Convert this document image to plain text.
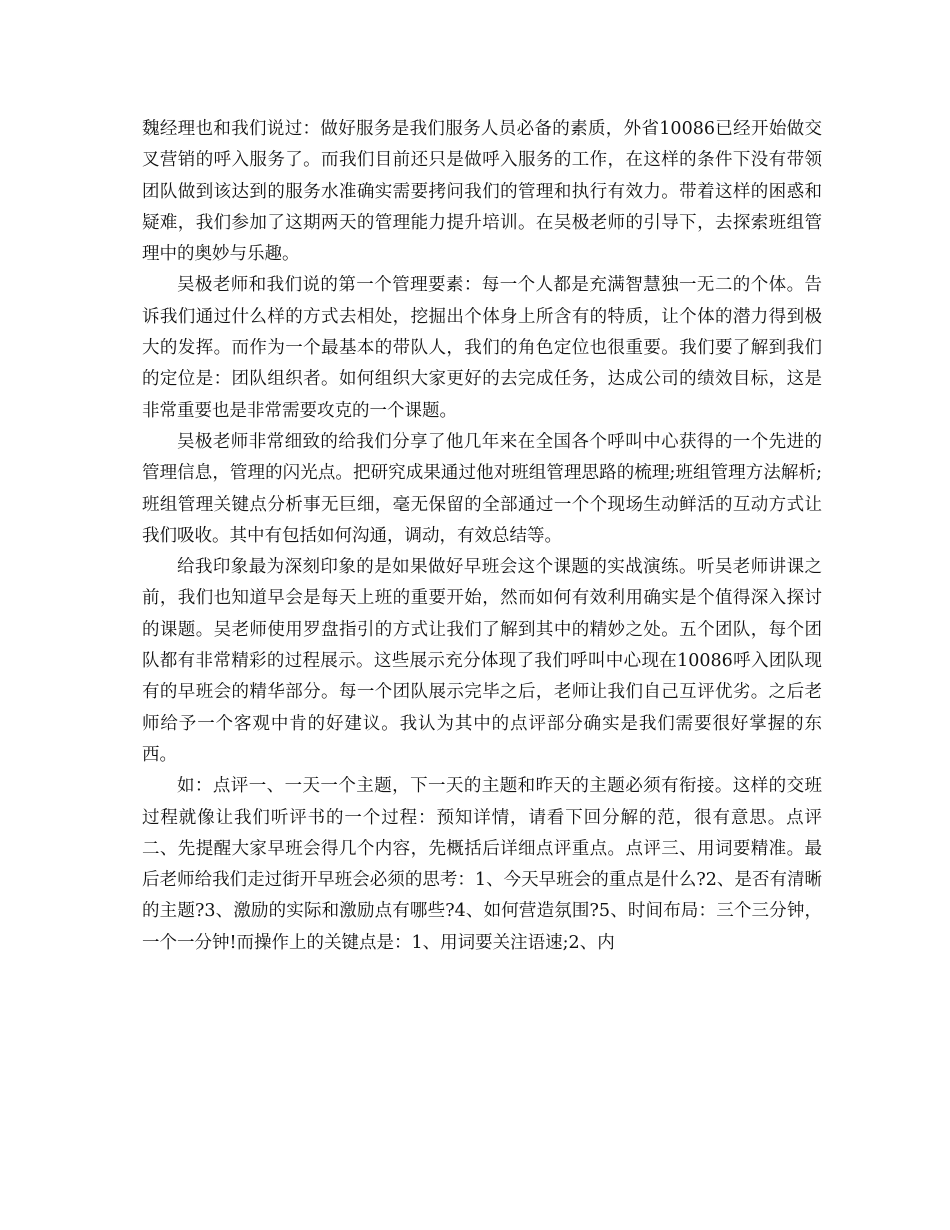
魏经理也和我们说过：做好服务是我们服务人员必备的素质，外省10086已经开始做交叉营销的呼入服务了。而我们目前还只是做呼入服务的工作，在这样的条件下没有带领团队做到该达到的服务水准确实需要拷问我们的管理和执行有效力。带着这样的困惑和疑难，我们参加了这期两天的管理能力提升培训。在吴极老师的引导下，去探索班组管理中的奥妙与乐趣。

吴极老师和我们说的第一个管理要素：每一个人都是充满智慧独一无二的个体。告诉我们通过什么样的方式去相处，挖掘出个体身上所含有的特质，让个体的潜力得到极大的发挥。而作为一个最基本的带队人，我们的角色定位也很重要。我们要了解到我们的定位是：团队组织者。如何组织大家更好的去完成任务，达成公司的绩效目标，这是非常重要也是非常需要攻克的一个课题。

吴极老师非常细致的给我们分享了他几年来在全国各个呼叫中心获得的一个先进的管理信息，管理的闪光点。把研究成果通过他对班组管理思路的梳理;班组管理方法解析;班组管理关键点分析事无巨细，毫无保留的全部通过一个个现场生动鲜活的互动方式让我们吸收。其中有包括如何沟通，调动，有效总结等。

给我印象最为深刻印象的是如果做好早班会这个课题的实战演练。听吴老师讲课之前，我们也知道早会是每天上班的重要开始，然而如何有效利用确实是个值得深入探讨的课题。吴老师使用罗盘指引的方式让我们了解到其中的精妙之处。五个团队，每个团队都有非常精彩的过程展示。这些展示充分体现了我们呼叫中心现在10086呼入团队现有的早班会的精华部分。每一个团队展示完毕之后，老师让我们自己互评优劣。之后老师给予一个客观中肯的好建议。我认为其中的点评部分确实是我们需要很好掌握的东西。

如：点评一、一天一个主题，下一天的主题和昨天的主题必须有衔接。这样的交班过程就像让我们听评书的一个过程：预知详情，请看下回分解的范，很有意思。点评二、先提醒大家早班会得几个内容，先概括后详细点评重点。点评三、用词要精准。最后老师给我们走过街开早班会必须的思考：1、今天早班会的重点是什么?2、是否有清晰的主题?3、激励的实际和激励点有哪些?4、如何营造氛围?5、时间布局：三个三分钟，一个一分钟!而操作上的关键点是：1、用词要关注语速;2、内
